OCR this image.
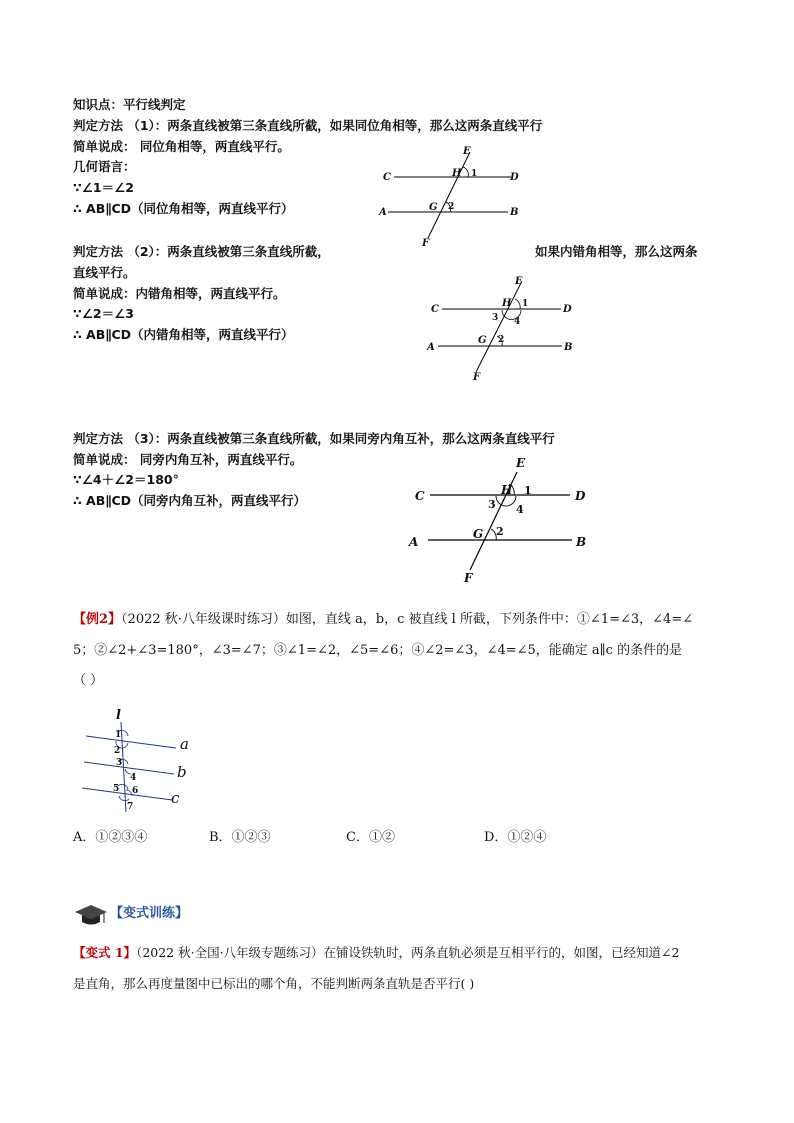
知识点：平行线判定
判定方法 （1）：两条直线被第三条直线所截，如果同位角相等，那么这两条直线平行
简单说成： 同位角相等，两直线平行。
几何语言：
∵∠1＝∠2
∴ AB∥CD（同位角相等，两直线平行）
E
H 1
C	D
G 2
A	B
F
判定方法 （2）：两条直线被第三条直线所截，	如果内错角相等，那么这两条
直线平行。
简单说成：内错角相等，两直线平行。
∵∠2＝∠3
∴ AB∥CD（内错角相等，两直线平行）
E
H 1
C	D
3 4
G 2
A	B
F
判定方法 （3）：两条直线被第三条直线所截，如果同旁内角互补，那么这两条直线平行
简单说成： 同旁内角互补，两直线平行。
∵∠4＋∠2＝180°
∴ AB∥CD（同旁内角互补，两直线平行）
E
H 1
C	D
3 4
G 2
A	B
F
【例2】（2022 秋·八年级课时练习）如图，直线 a，b，c 被直线 l 所截，下列条件中：①∠1=∠3，∠4=∠
5；②∠2+∠3=180°，∠3=∠7；③∠1=∠2，∠5=∠6；④∠2=∠3，∠4=∠5，能确定 a∥c 的条件的是
（ ）
l
a
b
c
1
2
3
4
5 6
7
A．①②③④	B．①②③	C．①②	D．①②④
【变式训练】
【变式 1】（2022 秋·全国·八年级专题练习）在铺设铁轨时，两条直轨必须是互相平行的，如图，已经知道∠2
是直角，那么再度量图中已标出的哪个角，不能判断两条直轨是否平行( )
